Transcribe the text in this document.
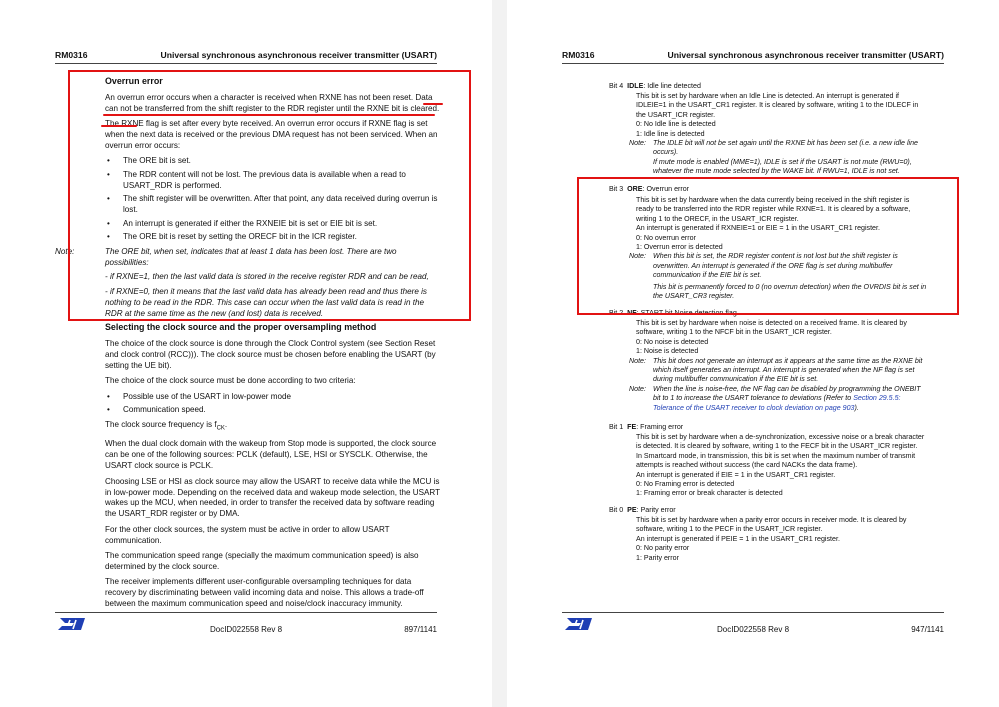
RM0316	Universal synchronous asynchronous receiver transmitter (USART)
Overrun error

An overrun error occurs when a character is received when RXNE has not been reset. Data can not be transferred from the shift register to the RDR register until the RXNE bit is cleared.

The RXNE flag is set after every byte received. An overrun error occurs if RXNE flag is set when the next data is received or the previous DMA request has not been serviced. When an overrun error occurs:

• The ORE bit is set.
• The RDR content will not be lost. The previous data is available when a read to USART_RDR is performed.
• The shift register will be overwritten. After that point, any data received during overrun is lost.
• An interrupt is generated if either the RXNEIE bit is set or EIE bit is set.
• The ORE bit is reset by setting the ORECF bit in the ICR register.
Note:	The ORE bit, when set, indicates that at least 1 data has been lost. There are two possibilities:
- if RXNE=1, then the last valid data is stored in the receive register RDR and can be read,
- if RXNE=0, then it means that the last valid data has already been read and thus there is nothing to be read in the RDR. This case can occur when the last valid data is read in the RDR at the same time as the new (and lost) data is received.
Selecting the clock source and the proper oversampling method

The choice of the clock source is done through the Clock Control system (see Section Reset and clock control (RCC))). The clock source must be chosen before enabling the USART (by setting the UE bit).

The choice of the clock source must be done according to two criteria:

• Possible use of the USART in low-power mode
• Communication speed.

The clock source frequency is $f_{CK}$.

When the dual clock domain with the wakeup from Stop mode is supported, the clock source can be one of the following sources: PCLK (default), LSE, HSI or SYSCLK. Otherwise, the USART clock source is PCLK.

Choosing LSE or HSI as clock source may allow the USART to receive data while the MCU is in low-power mode. Depending on the received data and wakeup mode selection, the USART wakes up the MCU, when needed, in order to transfer the received data by software reading the USART_RDR register or by DMA.

For the other clock sources, the system must be active in order to allow USART communication.

The communication speed range (specially the maximum communication speed) is also determined by the clock source.

The receiver implements different user-configurable oversampling techniques for data recovery by discriminating between valid incoming data and noise. This allows a trade-off between the maximum communication speed and noise/clock inaccuracy immunity.

DocID022558 Rev 8	897/1141
RM0316	Universal synchronous asynchronous receiver transmitter (USART)
DocID022558 Rev 8	947/1141
Bit 4 IDLE: Idle line detected
This bit is set by hardware when an Idle Line is detected. An interrupt is generated if
IDLEIE=1 in the USART_CR1 register. It is cleared by software, writing 1 to the IDLECF in
the USART_ICR register.
0: No Idle line is detected
1: Idle line is detected
Note: The IDLE bit will not be set again until the RXNE bit has been set (i.e. a new idle line
occurs).
If mute mode is enabled (MME=1), IDLE is set if the USART is not mute (RWU=0),
whatever the mute mode selected by the WAKE bit. If RWU=1, IDLE is not set.
Bit 3 ORE: Overrun error
This bit is set by hardware when the data currently being received in the shift register is
ready to be transferred into the RDR register while RXNE=1. It is cleared by a software,
writing 1 to the ORECF, in the USART_ICR register.
An interrupt is generated if RXNEIE=1 or EIE = 1 in the USART_CR1 register.
0: No overrun error
1: Overrun error is detected
Note: When this bit is set, the RDR register content is not lost but the shift register is
overwritten. An interrupt is generated if the ORE flag is set during multibuffer
communication if the EIE bit is set.
This bit is permanently forced to 0 (no overrun detection) when the OVRDIS bit is set in
the USART_CR3 register.
Bit 2 NF: START bit Noise detection flag
This bit is set by hardware when noise is detected on a received frame. It is cleared by
software, writing 1 to the NFCF bit in the USART_ICR register.
0: No noise is detected
1: Noise is detected
Note: This bit does not generate an interrupt as it appears at the same time as the RXNE bit
which itself generates an interrupt. An interrupt is generated when the NF flag is set
during multibuffer communication if the EIE bit is set.
Note: When the line is noise-free, the NF flag can be disabled by programming the ONEBIT
bit to 1 to increase the USART tolerance to deviations (Refer to Section 29.5.5:
Tolerance of the USART receiver to clock deviation on page 903).
Bit 1 FE: Framing error
This bit is set by hardware when a de-synchronization, excessive noise or a break character
is detected. It is cleared by software, writing 1 to the FECF bit in the USART_ICR register.
In Smartcard mode, in transmission, this bit is set when the maximum number of transmit
attempts is reached without success (the card NACKs the data frame).
An interrupt is generated if EIE = 1 in the USART_CR1 register.
0: No Framing error is detected
1: Framing error or break character is detected
Bit 0 PE: Parity error
This bit is set by hardware when a parity error occurs in receiver mode. It is cleared by
software, writing 1 to the PECF in the USART_ICR register.
An interrupt is generated if PEIE = 1 in the USART_CR1 register.
0: No parity error
1: Parity error
